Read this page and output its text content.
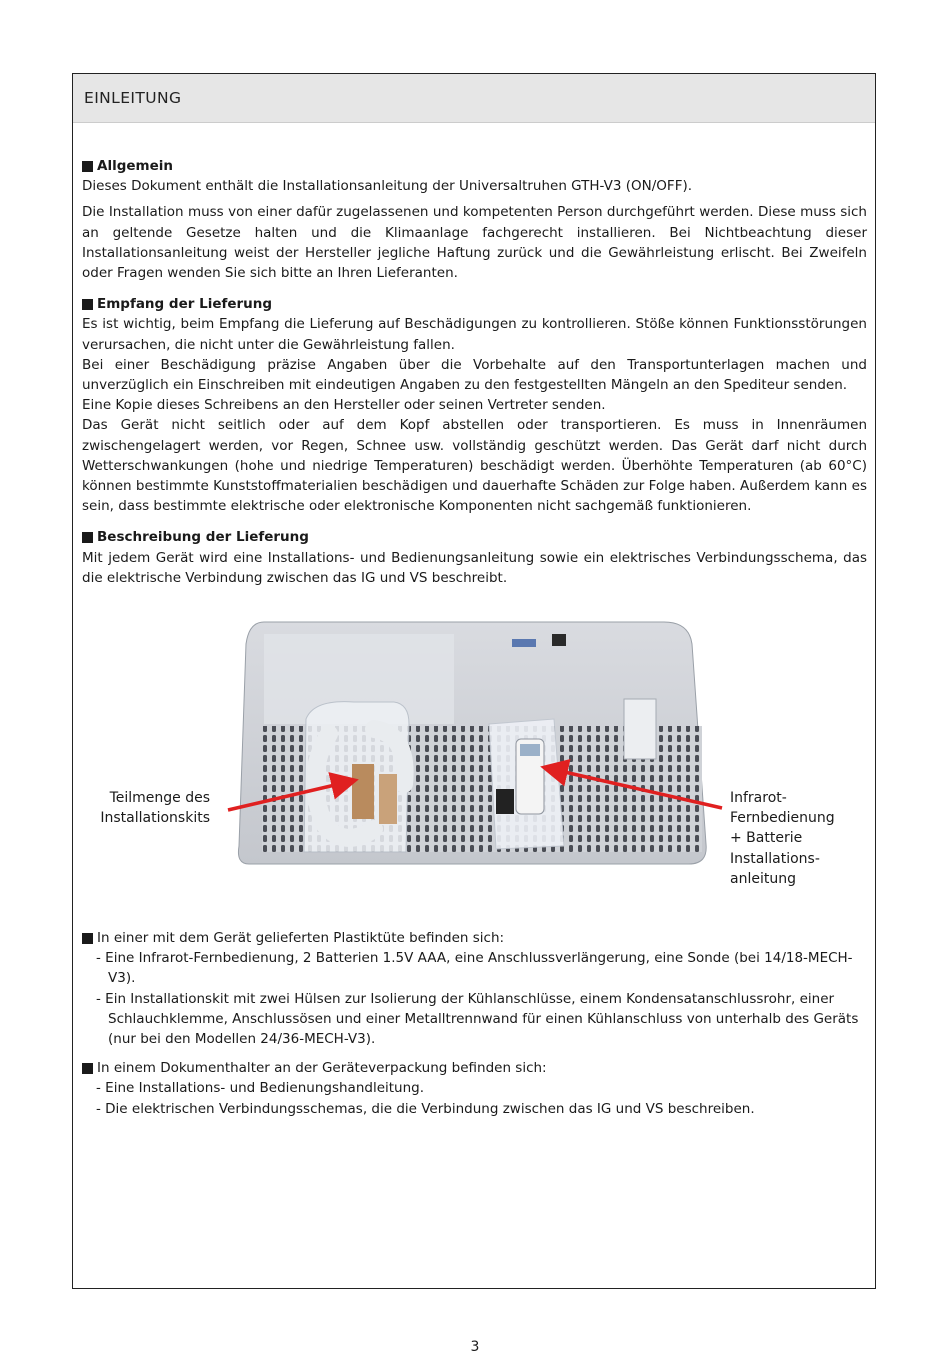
EINLEITUNG
Allgemein

Dieses Dokument enthält die Installationsanleitung der Universaltruhen GTH-V3 (ON/OFF).

Die Installation muss von einer dafür zugelassenen und kompetenten Person durchgeführt werden. Diese muss sich an geltende Gesetze halten und die Klimaanlage fachgerecht installieren. Bei Nichtbeachtung dieser Installationsanleitung weist der Hersteller jegliche Haftung zurück und die Gewährleistung erlischt. Bei Zweifeln oder Fragen wenden Sie sich bitte an Ihren Lieferanten.

Empfang der Lieferung

Es ist wichtig, beim Empfang die Lieferung auf Beschädigungen zu kontrollieren. Stöße können Funktionsstörungen verursachen, die nicht unter die Gewährleistung fallen.

Bei einer Beschädigung präzise Angaben über die Vorbehalte auf den Transportunterlagen machen und unverzüglich ein Einschreiben mit eindeutigen Angaben zu den festgestellten Mängeln an den Spediteur senden.

Eine Kopie dieses Schreibens an den Hersteller oder seinen Vertreter senden.

Das Gerät nicht seitlich oder auf dem Kopf abstellen oder transportieren. Es muss in Innenräumen zwischengelagert werden, vor Regen, Schnee usw. vollständig geschützt werden. Das Gerät darf nicht durch Wetterschwankungen (hohe und niedrige Temperaturen) beschädigt werden. Überhöhte Temperaturen (ab 60°C) können bestimmte Kunststoffmaterialien beschädigen und dauerhafte Schäden zur Folge haben. Außerdem kann es sein, dass bestimmte elektrische oder elektronische Komponenten nicht sachgemäß funktionieren.

Beschreibung der Lieferung

Mit jedem Gerät wird eine Installations- und Bedienungsanleitung sowie ein elektrisches Verbindungsschema, das die elektrische Verbindung zwischen das IG und VS beschreibt.

Teilmenge des
Installationskits
Infrarot-
Fernbedienung
+ Batterie
Installations-
anleitung
In einer mit dem Gerät gelieferten Plastiktüte befinden sich:
- Eine Infrarot-Fernbedienung, 2 Batterien 1.5V AAA, eine Anschlussverlängerung, eine Sonde (bei 14/18-MECH-V3).
- Ein Installationskit mit zwei Hülsen zur Isolierung der Kühlanschlüsse, einem Kondensatanschlussrohr, einer Schlauchklemme, Anschlussösen und einer Metalltrennwand für einen Kühlanschluss von unterhalb des Geräts (nur bei den Modellen 24/36-MECH-V3).
In einem Dokumenthalter an der Geräteverpackung befinden sich:
- Eine Installations- und Bedienungshandleitung.
- Die elektrischen Verbindungsschemas, die die Verbindung zwischen das IG und VS beschreiben.
3
